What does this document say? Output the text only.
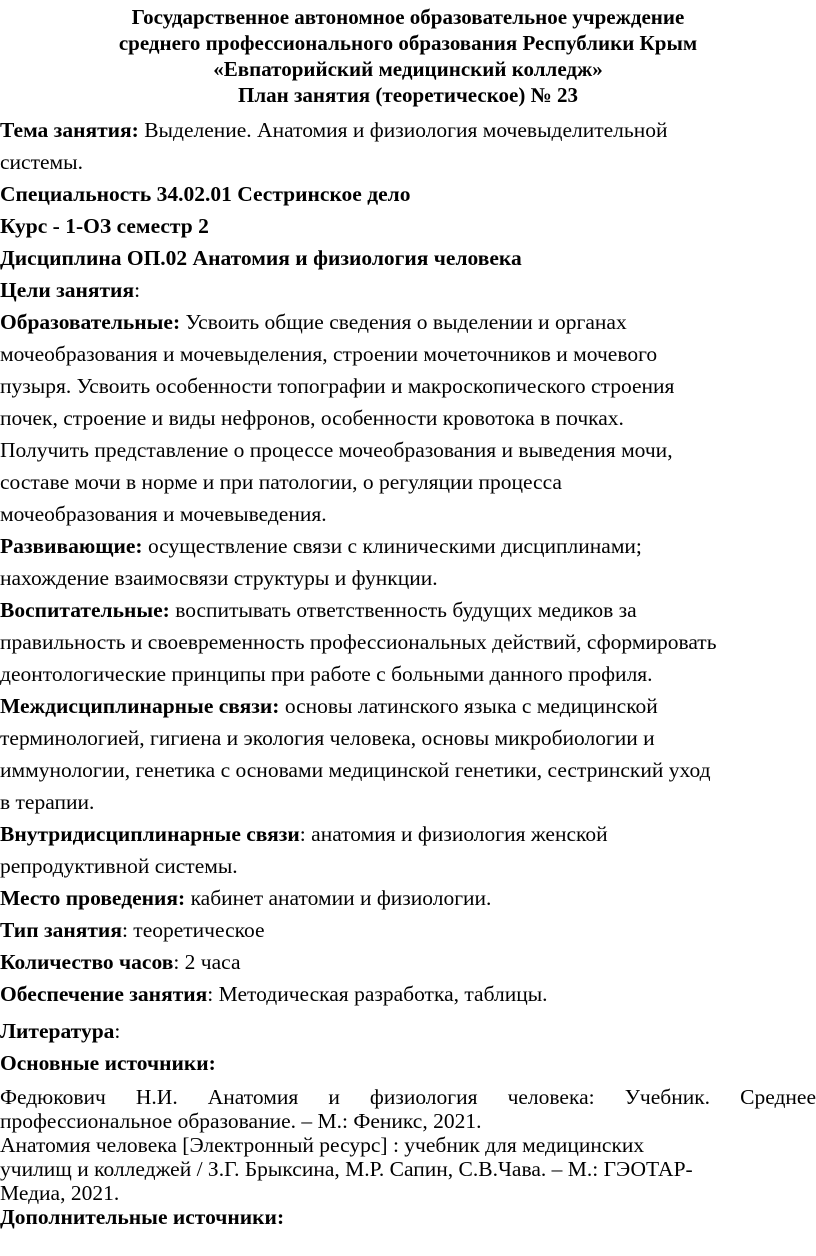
Государственное автономное образовательное учреждение
среднего профессионального образования Республики Крым
«Евпаторийский медицинский колледж»
План занятия (теоретическое) № 23
Тема занятия: Выделение. Анатомия и физиология мочевыделительной
системы.
Специальность 34.02.01 Сестринское дело
Курс - 1-ОЗ семестр 2
Дисциплина ОП.02 Анатомия и физиология человека
Цели занятия:
Образовательные: Усвоить общие сведения о выделении и органах
мочеобразования и мочевыделения, строении мочеточников и мочевого
пузыря. Усвоить особенности топографии и макроскопического строения
почек, строение и виды нефронов, особенности кровотока в почках.
Получить представление о процессе мочеобразования и выведения мочи,
составе мочи в норме и при патологии, о регуляции процесса
мочеобразования и мочевыведения.
Развивающие: осуществление связи с клиническими дисциплинами;
нахождение взаимосвязи структуры и функции.
Воспитательные: воспитывать ответственность будущих медиков за
правильность и своевременность профессиональных действий, сформировать
деонтологические принципы при работе с больными данного профиля.
Междисциплинарные связи: основы латинского языка с медицинской
терминологией, гигиена и экология человека, основы микробиологии и
иммунологии, генетика с основами медицинской генетики, сестринский уход
в терапии.
Внутридисциплинарные связи: анатомия и физиология женской
репродуктивной системы.
Место проведения: кабинет анатомии и физиологии.
Тип занятия: теоретическое
Количество часов: 2 часа
Обеспечение занятия: Методическая разработка, таблицы.
Литература:
Основные источники:
Федюкович Н.И. Анатомия и физиология человека: Учебник. Среднее
профессиональное образование. – М.: Феникс, 2021.
Анатомия человека [Электронный ресурс] : учебник для медицинских
училищ и колледжей / З.Г. Брыксина, М.Р. Сапин, С.В.Чава. – М.: ГЭОТАР-
Медиа, 2021.
Дополнительные источники:
